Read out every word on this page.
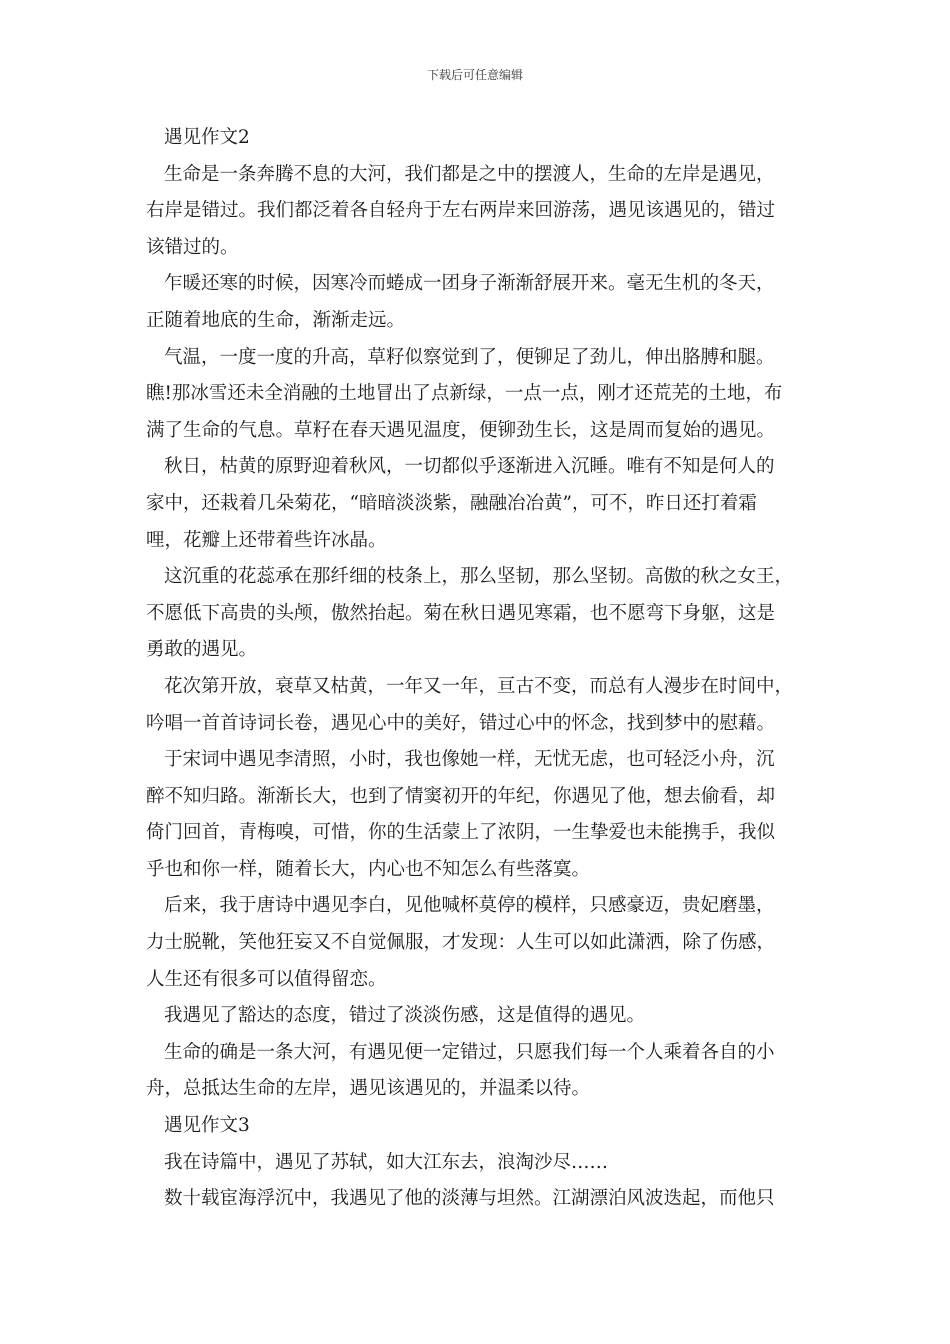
下载后可任意编辑
遇见作文2
生命是一条奔腾不息的大河，我们都是之中的摆渡人，生命的左岸是遇见，
右岸是错过。我们都泛着各自轻舟于左右两岸来回游荡，遇见该遇见的，错过
该错过的。
乍暖还寒的时候，因寒冷而蜷成一团身子渐渐舒展开来。毫无生机的冬天，
正随着地底的生命，渐渐走远。
气温，一度一度的升高，草籽似察觉到了，便铆足了劲儿，伸出胳膊和腿。
瞧!那冰雪还未全消融的土地冒出了点新绿，一点一点，刚才还荒芜的土地，布
满了生命的气息。草籽在春天遇见温度，便铆劲生长，这是周而复始的遇见。
秋日，枯黄的原野迎着秋风，一切都似乎逐渐进入沉睡。唯有不知是何人的
家中，还栽着几朵菊花，“暗暗淡淡紫，融融冶冶黄”，可不，昨日还打着霜
哩，花瓣上还带着些许冰晶。
这沉重的花蕊承在那纤细的枝条上，那么坚韧，那么坚韧。高傲的秋之女王，
不愿低下高贵的头颅，傲然抬起。菊在秋日遇见寒霜，也不愿弯下身躯，这是
勇敢的遇见。
花次第开放，衰草又枯黄，一年又一年，亘古不变，而总有人漫步在时间中，
吟唱一首首诗词长卷，遇见心中的美好，错过心中的怀念，找到梦中的慰藉。
于宋词中遇见李清照，小时，我也像她一样，无忧无虑，也可轻泛小舟，沉
醉不知归路。渐渐长大，也到了情窦初开的年纪，你遇见了他，想去偷看，却
倚门回首，青梅嗅，可惜，你的生活蒙上了浓阴，一生挚爱也未能携手，我似
乎也和你一样，随着长大，内心也不知怎么有些落寞。
后来，我于唐诗中遇见李白，见他喊杯莫停的模样，只感豪迈，贵妃磨墨，
力士脱靴，笑他狂妄又不自觉佩服，才发现：人生可以如此潇洒，除了伤感，
人生还有很多可以值得留恋。
我遇见了豁达的态度，错过了淡淡伤感，这是值得的遇见。
生命的确是一条大河，有遇见便一定错过，只愿我们每一个人乘着各自的小
舟，总抵达生命的左岸，遇见该遇见的，并温柔以待。
遇见作文3
我在诗篇中，遇见了苏轼，如大江东去，浪淘沙尽……
数十载宦海浮沉中，我遇见了他的淡薄与坦然。江湖漂泊风波迭起，而他只
